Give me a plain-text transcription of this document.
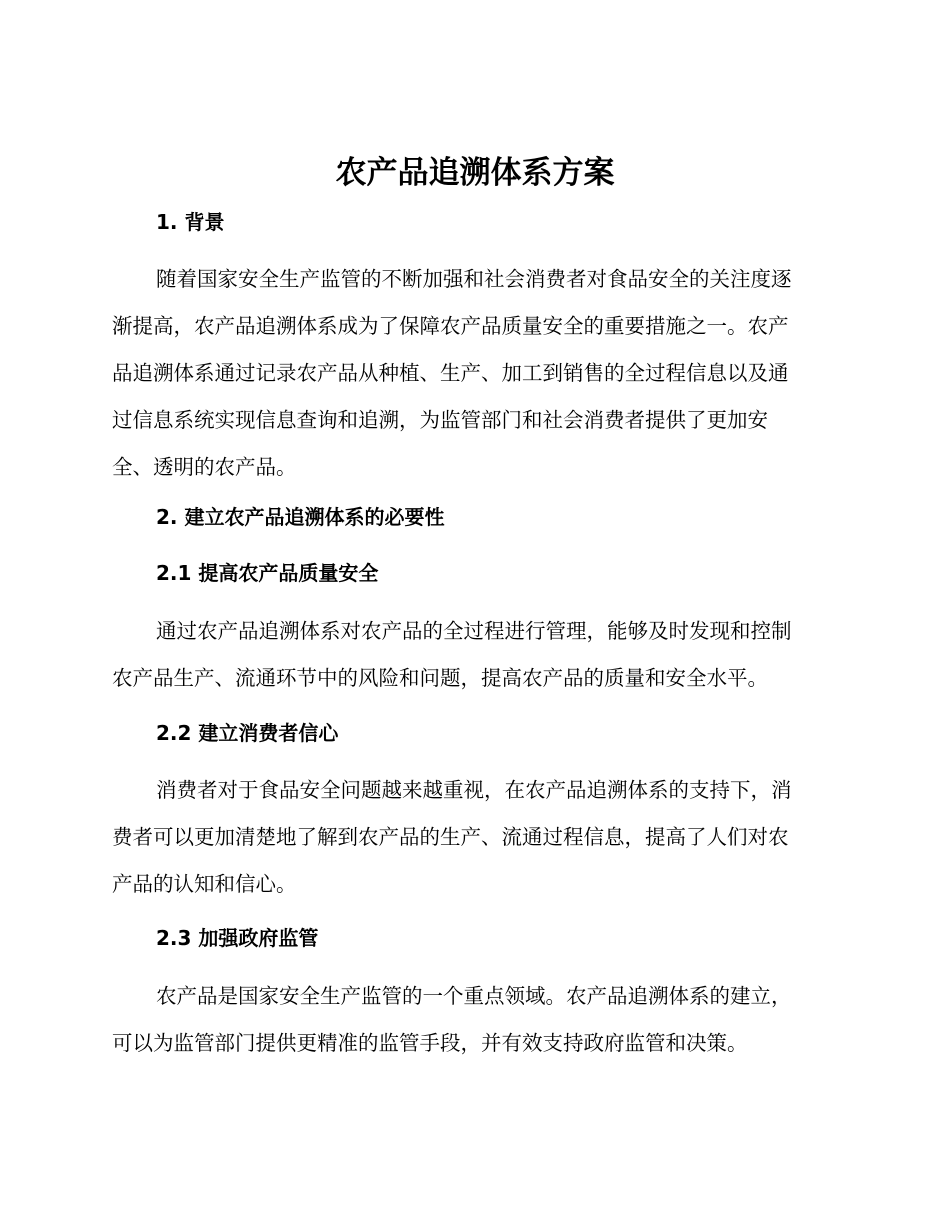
农产品追溯体系方案
1. 背景
随着国家安全生产监管的不断加强和社会消费者对食品安全的关注度逐
渐提高，农产品追溯体系成为了保障农产品质量安全的重要措施之一。农产
品追溯体系通过记录农产品从种植、生产、加工到销售的全过程信息以及通
过信息系统实现信息查询和追溯，为监管部门和社会消费者提供了更加安
全、透明的农产品。
2. 建立农产品追溯体系的必要性
2.1 提高农产品质量安全
通过农产品追溯体系对农产品的全过程进行管理，能够及时发现和控制
农产品生产、流通环节中的风险和问题，提高农产品的质量和安全水平。
2.2 建立消费者信心
消费者对于食品安全问题越来越重视，在农产品追溯体系的支持下，消
费者可以更加清楚地了解到农产品的生产、流通过程信息，提高了人们对农
产品的认知和信心。
2.3 加强政府监管
农产品是国家安全生产监管的一个重点领域。农产品追溯体系的建立，
可以为监管部门提供更精准的监管手段，并有效支持政府监管和决策。
